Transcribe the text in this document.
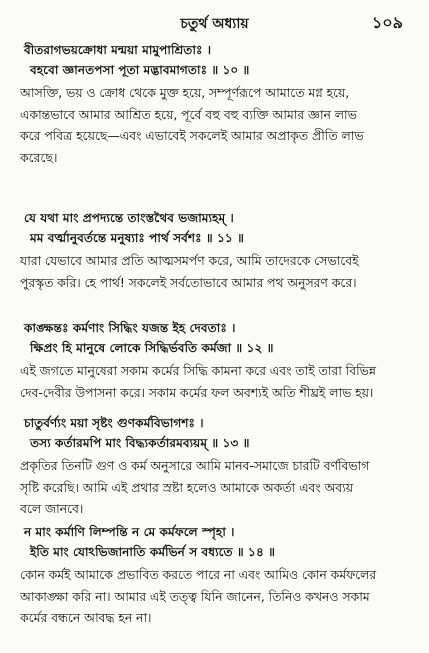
চতুর্থ অধ্যায়	১০৯
বীতরাগভয়ক্রোধা মন্ময়া মামুপাশ্রিতাঃ ।
বহবো জ্ঞানতপসা পূতা মদ্ভাবমাগতাঃ ॥ ১০ ॥
আসক্তি, ভয় ও ক্রোধ থেকে মুক্ত হয়ে, সম্পূর্ণরূপে আমাতে মগ্ন হয়ে,
একান্তভাবে আমার আশ্রিত হয়ে, পূর্বে বহু বহু ব্যক্তি আমার জ্ঞান লাভ
করে পবিত্র হয়েছে—এবং এভাবেই সকলেই আমার অপ্রাকৃত প্রীতি লাভ
করেছে।
যে যথা মাং প্রপদ্যন্তে তাংস্তথৈব ভজাম্যহম্ ।
মম বর্ত্মানুবর্তন্তে মনুষ্যাঃ পার্থ সর্বশঃ ॥ ১১ ॥
যারা যেভাবে আমার প্রতি আত্মসমর্পণ করে, আমি তাদেরকে সেভাবেই
পুরস্কৃত করি। হে পার্থ! সকলেই সর্বতোভাবে আমার পথ অনুসরণ করে।
কাঙ্ক্ষন্তঃ কর্মণাং সিদ্ধিং যজন্ত ইহ দেবতাঃ ।
ক্ষিপ্রং হি মানুষে লোকে সিদ্ধির্ভবতি কর্মজা ॥ ১২ ॥
এই জগতে মানুষেরা সকাম কর্মের সিদ্ধি কামনা করে এবং তাই তারা বিভিন্ন
দেব-দেবীর উপাসনা করে। সকাম কর্মের ফল অবশ্যই অতি শীঘ্রই লাভ হয়।
চাতুর্বর্ণ্যং ময়া সৃষ্টং গুণকর্মবিভাগশঃ ।
তস্য কর্তারমপি মাং বিদ্ধ্যকর্তারমব্যয়ম্ ॥ ১৩ ॥
প্রকৃতির তিনটি গুণ ও কর্ম অনুসারে আমি মানব-সমাজে চারটি বর্ণবিভাগ
সৃষ্টি করেছি। আমি এই প্রথার স্রষ্টা হলেও আমাকে অকর্তা এবং অব্যয়
বলে জানবে।
ন মাং কর্মাণি লিম্পন্তি ন মে কর্মফলে স্পৃহা ।
ইতি মাং যোঽভিজানাতি কর্মভির্ন স বধ্যতে ॥ ১৪ ॥
কোন কর্মই আমাকে প্রভাবিত করতে পারে না এবং আমিও কোন কর্মফলের
আকাঙ্ক্ষা করি না। আমার এই তত্ত্ব যিনি জানেন, তিনিও কখনও সকাম
কর্মের বন্ধনে আবদ্ধ হন না।
